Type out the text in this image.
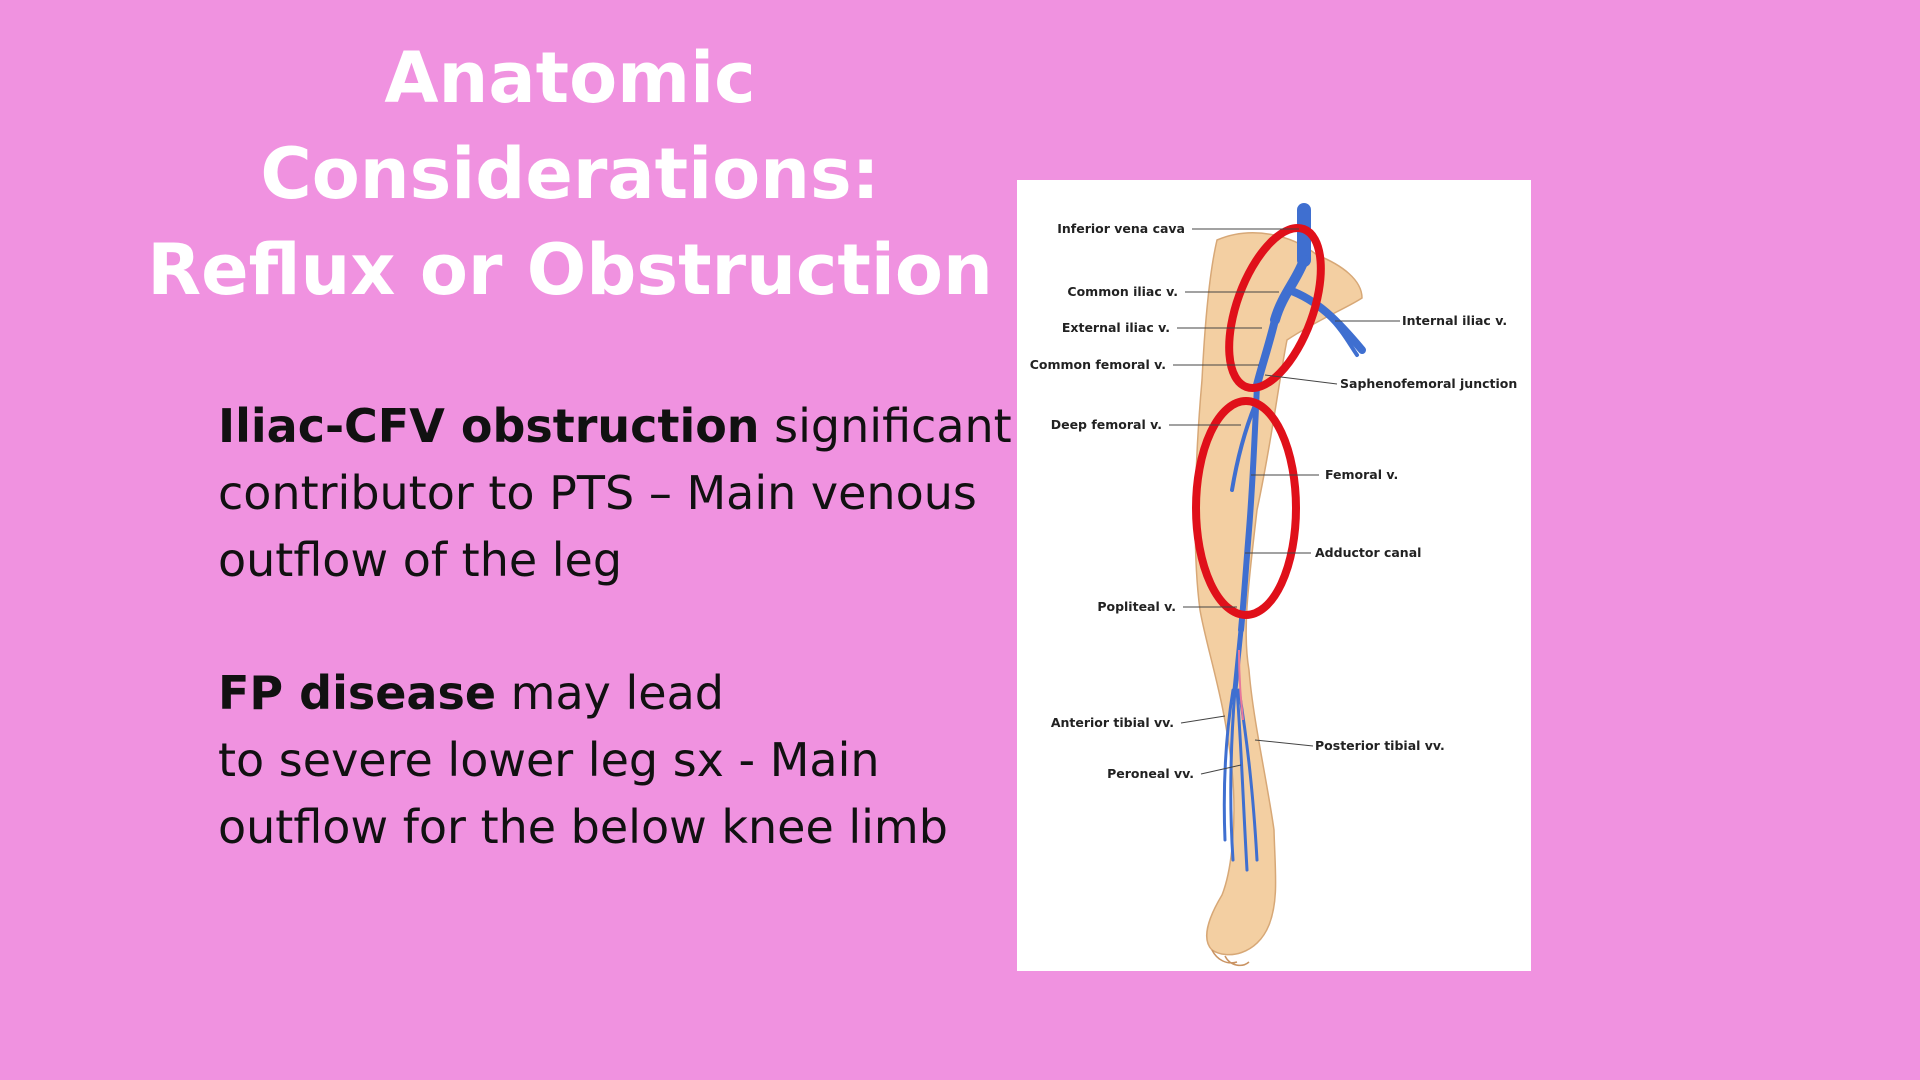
Anatomic Considerations:
Reflux or Obstruction

Iliac-CFV obstruction significant
contributor to PTS – Main venous
outflow of the leg

FP disease may lead
to severe lower leg sx - Main
outflow for the below knee limb

Inferior vena cava
Common iliac v.
External iliac v.
Common femoral v.
Deep femoral v.
Popliteal v.
Anterior tibial vv.
Peroneal vv.
Internal iliac v.
Saphenofemoral junction
Femoral v.
Adductor canal
Posterior tibial vv.
